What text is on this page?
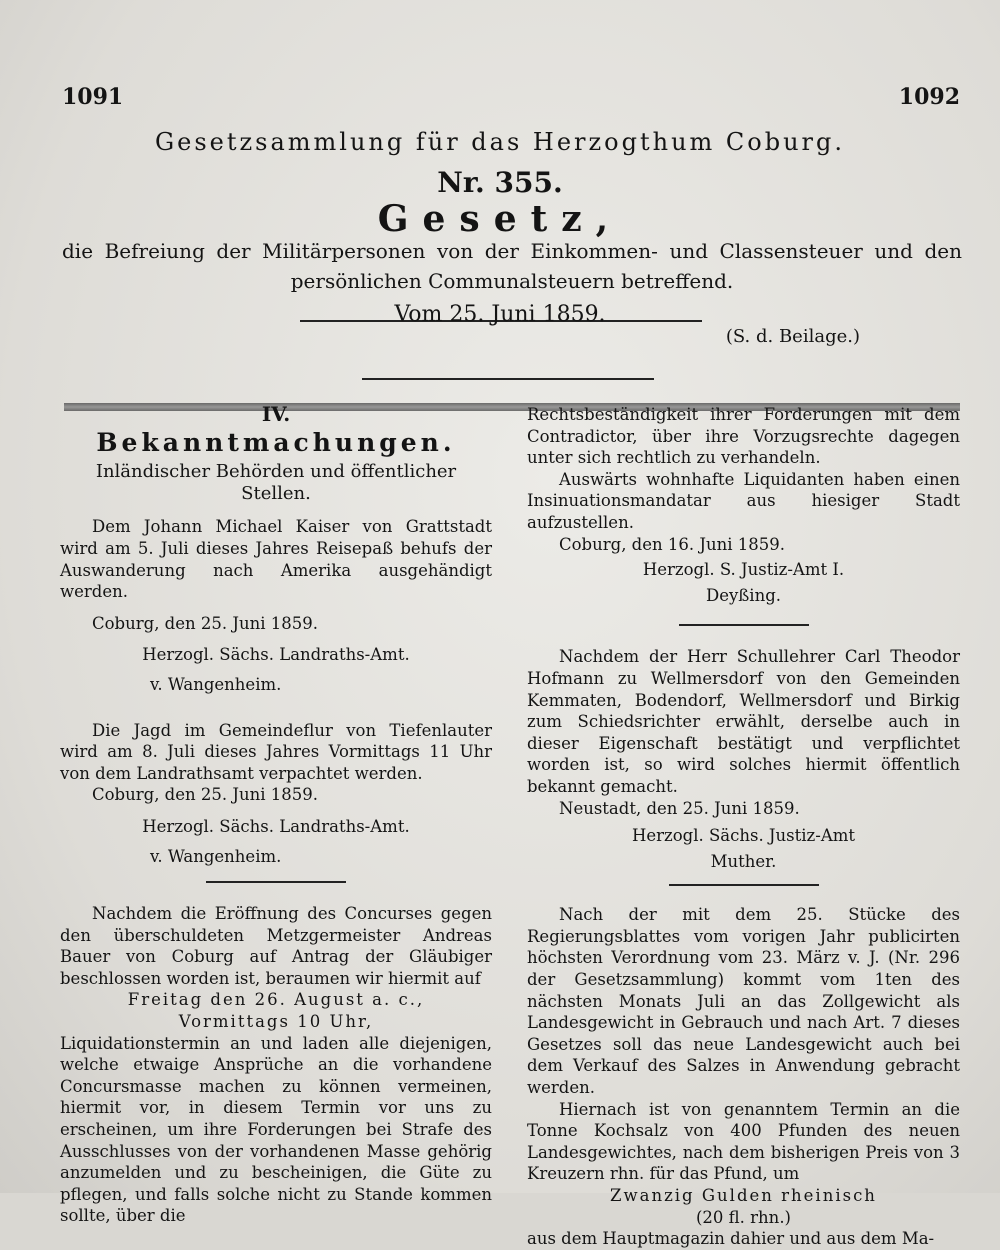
1091	1092
Gesetzsammlung für das Herzogthum Coburg.
Nr. 355.
Gesetz,
die Befreiung der Militärpersonen von der Einkommen- und Classensteuer und den persönlichen Communalsteuern betreffend.
Vom 25. Juni 1859.
(S. d. Beilage.)
IV.
Bekanntmachungen.
Inländischer Behörden und öffentlicher Stellen.

Dem Johann Michael Kaiser von Grattstadt wird am 5. Juli dieses Jahres Reisepaß behufs der Auswanderung nach Amerika ausgehändigt werden.

Coburg, den 25. Juni 1859.

Herzogl. Sächs. Landraths-Amt.

v. Wangenheim.

Die Jagd im Gemeindeflur von Tiefenlauter wird am 8. Juli dieses Jahres Vormittags 11 Uhr von dem Landrathsamt verpachtet werden.

Coburg, den 25. Juni 1859.

Herzogl. Sächs. Landraths-Amt.

v. Wangenheim.

Nachdem die Eröffnung des Concurses gegen den überschuldeten Metzgermeister Andreas Bauer von Coburg auf Antrag der Gläubiger beschlossen worden ist, beraumen wir hiermit auf

Freitag den 26. August a. c.,

Vormittags 10 Uhr,

Liquidationstermin an und laden alle diejenigen, welche etwaige Ansprüche an die vorhandene Concursmasse machen zu können vermeinen, hiermit vor, in diesem Termin vor uns zu erscheinen, um ihre Forderungen bei Strafe des Ausschlusses von der vorhandenen Masse gehörig anzumelden und zu bescheinigen, die Güte zu pflegen, und falls solche nicht zu Stande kommen sollte, über die

Rechtsbeständigkeit ihrer Forderungen mit dem Contradictor, über ihre Vorzugsrechte dagegen unter sich rechtlich zu verhandeln.

Auswärts wohnhafte Liquidanten haben einen Insinuationsmandatar aus hiesiger Stadt aufzustellen.

Coburg, den 16. Juni 1859.

Herzogl. S. Justiz-Amt I.

Deyßing.

Nachdem der Herr Schullehrer Carl Theodor Hofmann zu Wellmersdorf von den Gemeinden Kemmaten, Bodendorf, Wellmersdorf und Birkig zum Schiedsrichter erwählt, derselbe auch in dieser Eigenschaft bestätigt und verpflichtet worden ist, so wird solches hiermit öffentlich bekannt gemacht.

Neustadt, den 25. Juni 1859.

Herzogl. Sächs. Justiz-Amt

Muther.

Nach der mit dem 25. Stücke des Regierungsblattes vom vorigen Jahr publicirten höchsten Verordnung vom 23. März v. J. (Nr. 296 der Gesetzsammlung) kommt vom 1ten des nächsten Monats Juli an das Zollgewicht als Landesgewicht in Gebrauch und nach Art. 7 dieses Gesetzes soll das neue Landesgewicht auch bei dem Verkauf des Salzes in Anwendung gebracht werden.

Hiernach ist von genanntem Termin an die Tonne Kochsalz von 400 Pfunden des neuen Landesgewichtes, nach dem bisherigen Preis von 3 Kreuzern rhn. für das Pfund, um

Zwanzig Gulden rheinisch

(20 fl. rhn.)

aus dem Hauptmagazin dahier und aus dem Ma-
